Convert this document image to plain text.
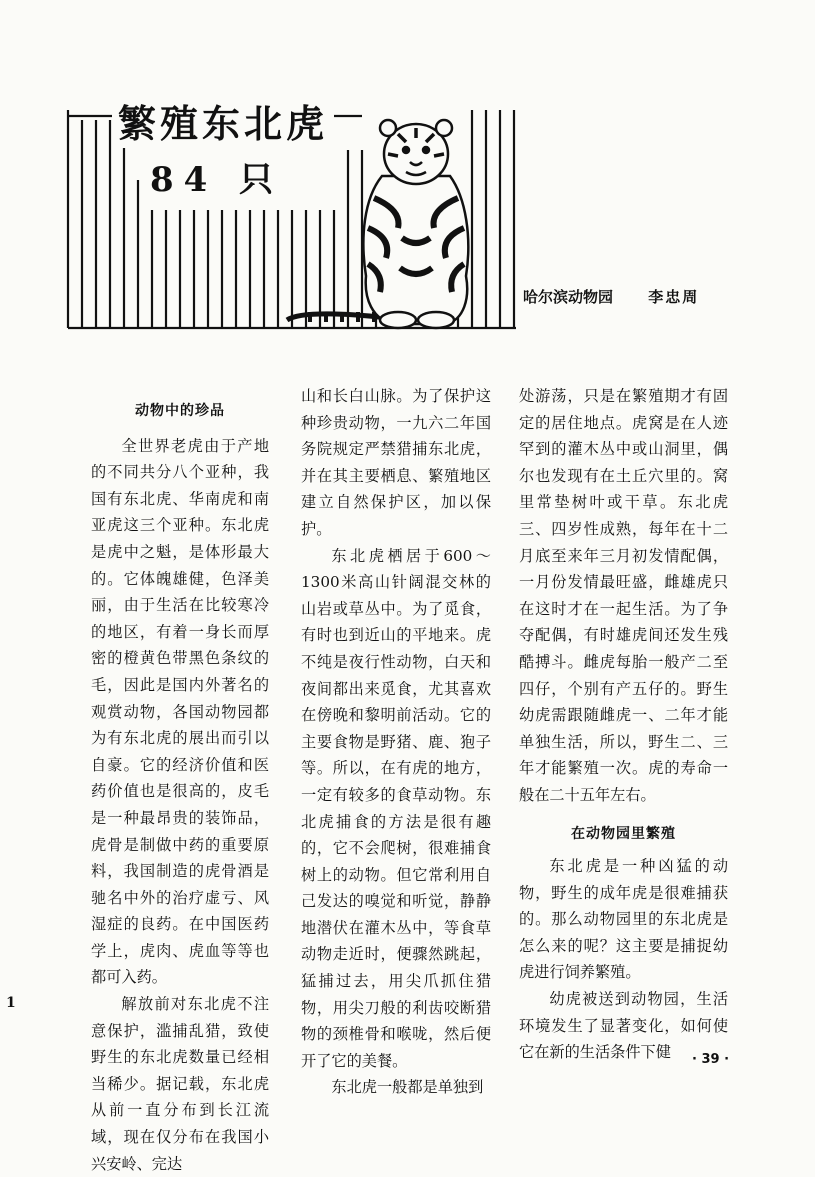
繁殖东北虎
84 只
哈尔滨动物园 李忠周
动物中的珍品

全世界老虎由于产地的不同共分八个亚种，我国有东北虎、华南虎和南亚虎这三个亚种。东北虎是虎中之魁，是体形最大的。它体魄雄健，色泽美丽，由于生活在比较寒冷的地区，有着一身长而厚密的橙黄色带黑色条纹的毛，因此是国内外著名的观赏动物，各国动物园都为有东北虎的展出而引以自豪。它的经济价值和医药价值也是很高的，皮毛是一种最昂贵的装饰品，虎骨是制做中药的重要原料，我国制造的虎骨酒是驰名中外的治疗虚亏、风湿症的良药。在中国医药学上，虎肉、虎血等等也都可入药。

解放前对东北虎不注意保护，滥捕乱猎，致使野生的东北虎数量已经相当稀少。据记载，东北虎从前一直分布到长江流域，现在仅分布在我国小兴安岭、完达

山和长白山脉。为了保护这种珍贵动物，一九六二年国务院规定严禁猎捕东北虎，并在其主要栖息、繁殖地区建立自然保护区，加以保护。

东北虎栖居于600～1300米高山针阔混交林的山岩或草丛中。为了觅食，有时也到近山的平地来。虎不纯是夜行性动物，白天和夜间都出来觅食，尤其喜欢在傍晚和黎明前活动。它的主要食物是野猪、鹿、狍子等。所以，在有虎的地方，一定有较多的食草动物。东北虎捕食的方法是很有趣的，它不会爬树，很难捕食树上的动物。但它常利用自己发达的嗅觉和听觉，静静地潜伏在灌木丛中，等食草动物走近时，便骤然跳起，猛捕过去，用尖爪抓住猎物，用尖刀般的利齿咬断猎物的颈椎骨和喉咙，然后便开了它的美餐。

东北虎一般都是单独到

处游荡，只是在繁殖期才有固定的居住地点。虎窝是在人迹罕到的灌木丛中或山洞里，偶尔也发现有在土丘穴里的。窝里常垫树叶或干草。东北虎三、四岁性成熟，每年在十二月底至来年三月初发情配偶，一月份发情最旺盛，雌雄虎只在这时才在一起生活。为了争夺配偶，有时雄虎间还发生残酷搏斗。雌虎每胎一般产二至四仔，个别有产五仔的。野生幼虎需跟随雌虎一、二年才能单独生活，所以，野生二、三年才能繁殖一次。虎的寿命一般在二十五年左右。

在动物园里繁殖

东北虎是一种凶猛的动物，野生的成年虎是很难捕获的。那么动物园里的东北虎是怎么来的呢？这主要是捕捉幼虎进行饲养繁殖。

幼虎被送到动物园，生活环境发生了显著变化，如何使它在新的生活条件下健

1
· 39 ·
